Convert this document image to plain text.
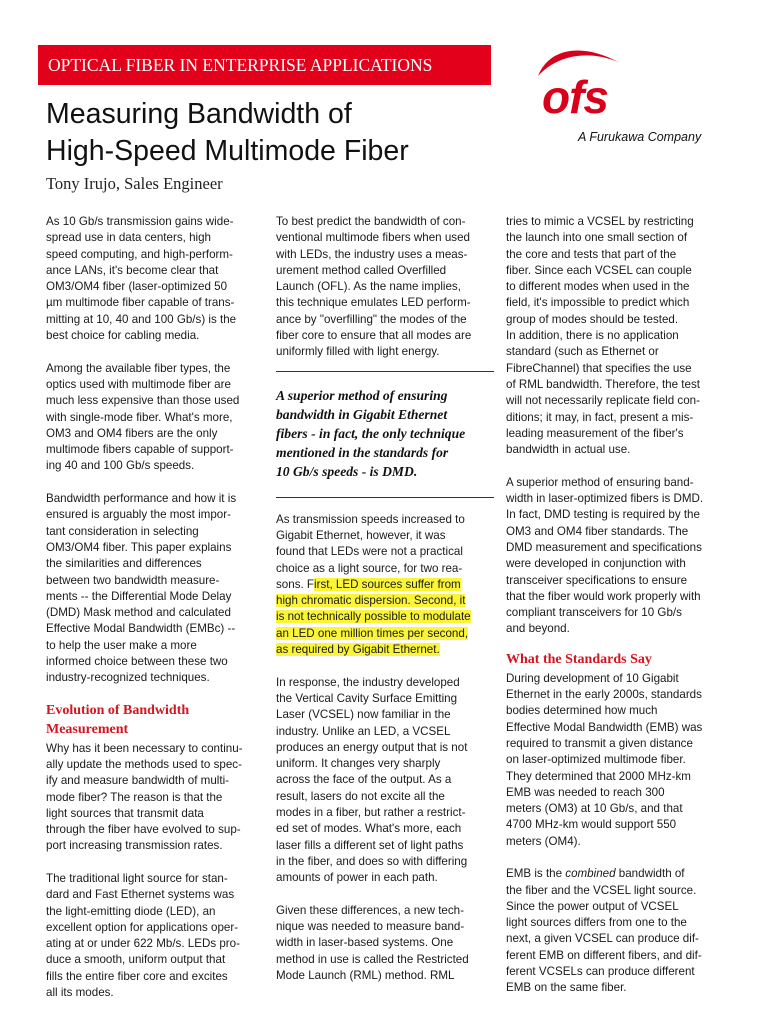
OPTICAL FIBER IN ENTERPRISE APPLICATIONS
Measuring Bandwidth of
High-Speed Multimode Fiber
Tony Irujo, Sales Engineer
ofs
A Furukawa Company

As 10 Gb/s transmission gains wide-
spread use in data centers, high
speed computing, and high-perform-
ance LANs, it's become clear that
OM3/OM4 fiber (laser-optimized 50
µm multimode fiber capable of trans-
mitting at 10, 40 and 100 Gb/s) is the
best choice for cabling media.

Among the available fiber types, the
optics used with multimode fiber are
much less expensive than those used
with single-mode fiber. What's more,
OM3 and OM4 fibers are the only
multimode fibers capable of support-
ing 40 and 100 Gb/s speeds.

Bandwidth performance and how it is
ensured is arguably the most impor-
tant consideration in selecting
OM3/OM4 fiber. This paper explains
the similarities and differences
between two bandwidth measure-
ments -- the Differential Mode Delay
(DMD) Mask method and calculated
Effective Modal Bandwidth (EMBc) --
to help the user make a more
informed choice between these two
industry-recognized techniques.

Evolution of Bandwidth
Measurement

Why has it been necessary to continu-
ally update the methods used to spec-
ify and measure bandwidth of multi-
mode fiber? The reason is that the
light sources that transmit data
through the fiber have evolved to sup-
port increasing transmission rates.

The traditional light source for stan-
dard and Fast Ethernet systems was
the light-emitting diode (LED), an
excellent option for applications oper-
ating at or under 622 Mb/s. LEDs pro-
duce a smooth, uniform output that
fills the entire fiber core and excites
all its modes.

To best predict the bandwidth of con-
ventional multimode fibers when used
with LEDs, the industry uses a meas-
urement method called Overfilled
Launch (OFL). As the name implies,
this technique emulates LED perform-
ance by "overfilling" the modes of the
fiber core to ensure that all modes are
uniformly filled with light energy.

A superior method of ensuring
bandwidth in Gigabit Ethernet
fibers - in fact, the only technique
mentioned in the standards for
10 Gb/s speeds - is DMD.

As transmission speeds increased to
Gigabit Ethernet, however, it was
found that LEDs were not a practical
choice as a light source, for two rea-
sons. First, LED sources suffer from
high chromatic dispersion. Second, it
is not technically possible to modulate
an LED one million times per second,
as required by Gigabit Ethernet.

In response, the industry developed
the Vertical Cavity Surface Emitting
Laser (VCSEL) now familiar in the
industry. Unlike an LED, a VCSEL
produces an energy output that is not
uniform. It changes very sharply
across the face of the output. As a
result, lasers do not excite all the
modes in a fiber, but rather a restrict-
ed set of modes. What's more, each
laser fills a different set of light paths
in the fiber, and does so with differing
amounts of power in each path.

Given these differences, a new tech-
nique was needed to measure band-
width in laser-based systems. One
method in use is called the Restricted
Mode Launch (RML) method. RML

tries to mimic a VCSEL by restricting
the launch into one small section of
the core and tests that part of the
fiber. Since each VCSEL can couple
to different modes when used in the
field, it's impossible to predict which
group of modes should be tested.
In addition, there is no application
standard (such as Ethernet or
FibreChannel) that specifies the use
of RML bandwidth. Therefore, the test
will not necessarily replicate field con-
ditions; it may, in fact, present a mis-
leading measurement of the fiber's
bandwidth in actual use.

A superior method of ensuring band-
width in laser-optimized fibers is DMD.
In fact, DMD testing is required by the
OM3 and OM4 fiber standards. The
DMD measurement and specifications
were developed in conjunction with
transceiver specifications to ensure
that the fiber would work properly with
compliant transceivers for 10 Gb/s
and beyond.

What the Standards Say

During development of 10 Gigabit
Ethernet in the early 2000s, standards
bodies determined how much
Effective Modal Bandwidth (EMB) was
required to transmit a given distance
on laser-optimized multimode fiber.
They determined that 2000 MHz-km
EMB was needed to reach 300
meters (OM3) at 10 Gb/s, and that
4700 MHz-km would support 550
meters (OM4).

EMB is the combined bandwidth of
the fiber and the VCSEL light source.
Since the power output of VCSEL
light sources differs from one to the
next, a given VCSEL can produce dif-
ferent EMB on different fibers, and dif-
ferent VCSELs can produce different
EMB on the same fiber.
